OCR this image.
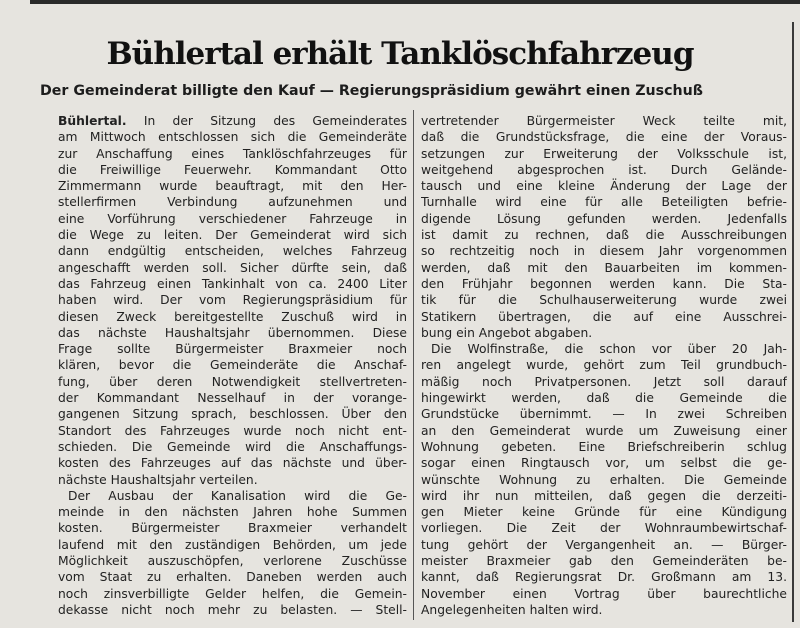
Bühlertal erhält Tanklöschfahrzeug
Der Gemeinderat billigte den Kauf — Regierungspräsidium gewährt einen Zuschuß
Bühlertal. In der Sitzung des Gemeinderates
am Mittwoch entschlossen sich die Gemeinderäte
zur Anschaffung eines Tanklöschfahrzeuges für
die Freiwillige Feuerwehr. Kommandant Otto
Zimmermann wurde beauftragt, mit den Her-
stellerfirmen Verbindung aufzunehmen und
eine Vorführung verschiedener Fahrzeuge in
die Wege zu leiten. Der Gemeinderat wird sich
dann endgültig entscheiden, welches Fahrzeug
angeschafft werden soll. Sicher dürfte sein, daß
das Fahrzeug einen Tankinhalt von ca. 2400 Liter
haben wird. Der vom Regierungspräsidium für
diesen Zweck bereitgestellte Zuschuß wird in
das nächste Haushaltsjahr übernommen. Diese
Frage sollte Bürgermeister Braxmeier noch
klären, bevor die Gemeinderäte die Anschaf-
fung, über deren Notwendigkeit stellvertreten-
der Kommandant Nesselhauf in der vorange-
gangenen Sitzung sprach, beschlossen. Über den
Standort des Fahrzeuges wurde noch nicht ent-
schieden. Die Gemeinde wird die Anschaffungs-
kosten des Fahrzeuges auf das nächste und über-
nächste Haushaltsjahr verteilen.
Der Ausbau der Kanalisation wird die Ge-
meinde in den nächsten Jahren hohe Summen
kosten. Bürgermeister Braxmeier verhandelt
laufend mit den zuständigen Behörden, um jede
Möglichkeit auszuschöpfen, verlorene Zuschüsse
vom Staat zu erhalten. Daneben werden auch
noch zinsverbilligte Gelder helfen, die Gemein-
dekasse nicht noch mehr zu belasten. — Stell-
vertretender Bürgermeister Weck teilte mit,
daß die Grundstücksfrage, die eine der Voraus-
setzungen zur Erweiterung der Volksschule ist,
weitgehend abgesprochen ist. Durch Gelände-
tausch und eine kleine Änderung der Lage der
Turnhalle wird eine für alle Beteiligten befrie-
digende Lösung gefunden werden. Jedenfalls
ist damit zu rechnen, daß die Ausschreibungen
so rechtzeitig noch in diesem Jahr vorgenommen
werden, daß mit den Bauarbeiten im kommen-
den Frühjahr begonnen werden kann. Die Sta-
tik für die Schulhauserweiterung wurde zwei
Statikern übertragen, die auf eine Ausschrei-
bung ein Angebot abgaben.
Die Wolfinstraße, die schon vor über 20 Jah-
ren angelegt wurde, gehört zum Teil grundbuch-
mäßig noch Privatpersonen. Jetzt soll darauf
hingewirkt werden, daß die Gemeinde die
Grundstücke übernimmt. — In zwei Schreiben
an den Gemeinderat wurde um Zuweisung einer
Wohnung gebeten. Eine Briefschreiberin schlug
sogar einen Ringtausch vor, um selbst die ge-
wünschte Wohnung zu erhalten. Die Gemeinde
wird ihr nun mitteilen, daß gegen die derzeiti-
gen Mieter keine Gründe für eine Kündigung
vorliegen. Die Zeit der Wohnraumbewirtschaf-
tung gehört der Vergangenheit an. — Bürger-
meister Braxmeier gab den Gemeinderäten be-
kannt, daß Regierungsrat Dr. Großmann am 13.
November einen Vortrag über baurechtliche
Angelegenheiten halten wird.
